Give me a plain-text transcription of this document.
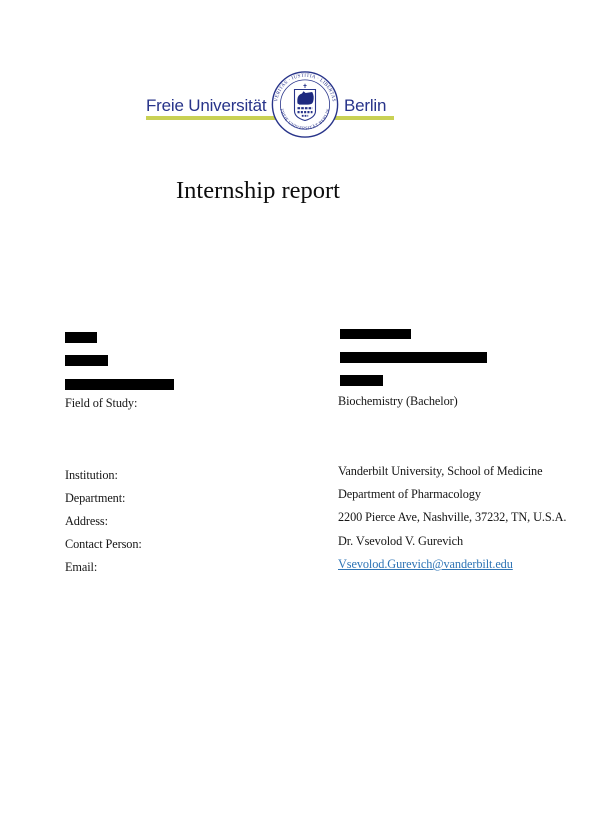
Freie Universität	Berlin
VERITAS · IUSTITIA · LIBERTAS
FREIE UNIVERSITÄT BERLIN
Internship report
Field of Study:	Biochemistry (Bachelor)
Institution:	Vanderbilt University, School of Medicine
Department:	Department of Pharmacology
Address:	2200 Pierce Ave, Nashville, 37232, TN, U.S.A.
Contact Person:	Dr. Vsevolod V. Gurevich
Email:	Vsevolod.Gurevich@vanderbilt.edu
